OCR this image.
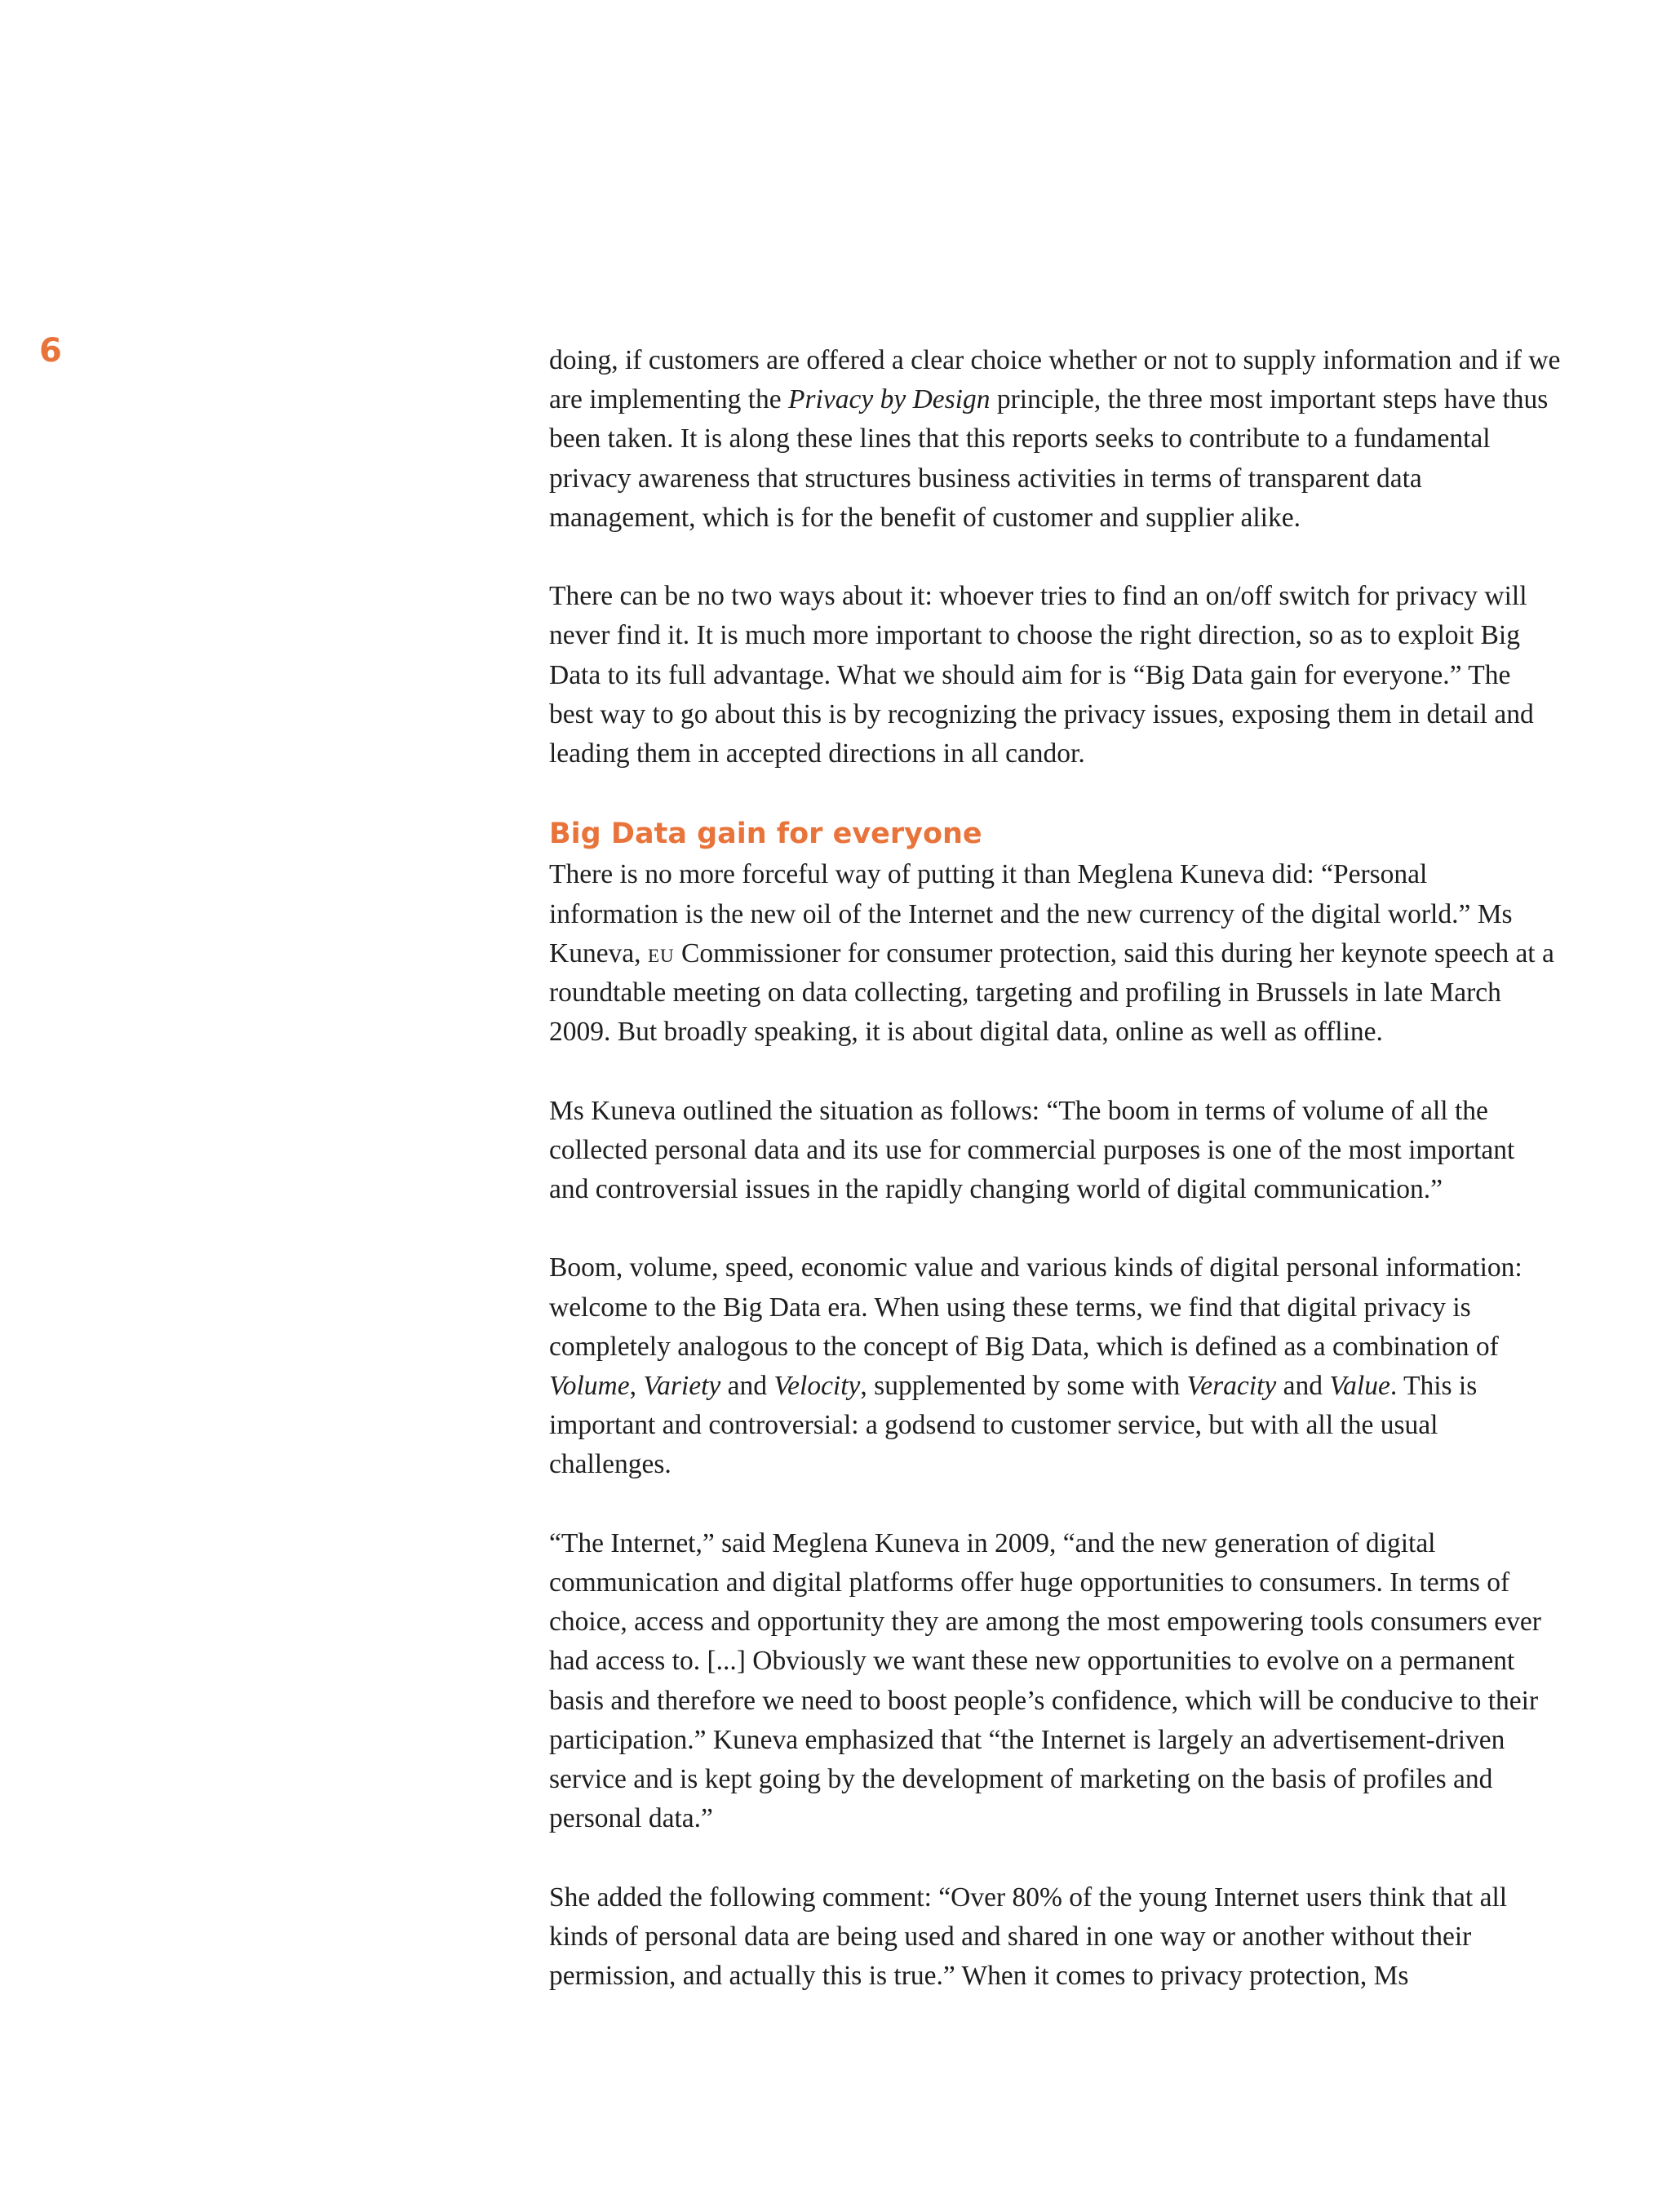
6	doing, if customers are offered a clear choice whether or not to supply information and if we are implementing the Privacy by Design principle, the three most important steps have thus been taken. It is along these lines that this reports seeks to contribute to a fundamental privacy awareness that structures business activities in terms of transparent data management, which is for the benefit of customer and supplier alike.

There can be no two ways about it: whoever tries to find an on/off switch for privacy will never find it. It is much more important to choose the right direction, so as to exploit Big Data to its full advantage. What we should aim for is “Big Data gain for everyone.” The best way to go about this is by recognizing the privacy issues, exposing them in detail and leading them in accepted directions in all candor.

Big Data gain for everyone

There is no more forceful way of putting it than Meglena Kuneva did: “Personal information is the new oil of the Internet and the new currency of the digital world.” Ms Kuneva, eu Commissioner for consumer protection, said this during her keynote speech at a roundtable meeting on data collecting, targeting and profiling in Brussels in late March 2009. But broadly speaking, it is about digital data, online as well as offline.

Ms Kuneva outlined the situation as follows: “The boom in terms of volume of all the collected personal data and its use for commercial purposes is one of the most important and controversial issues in the rapidly changing world of digital communication.”

Boom, volume, speed, economic value and various kinds of digital personal information: welcome to the Big Data era. When using these terms, we find that digital privacy is completely analogous to the concept of Big Data, which is defined as a combination of Volume, Variety and Velocity, supplemented by some with Veracity and Value. This is important and controversial: a godsend to customer service, but with all the usual challenges.

“The Internet,” said Meglena Kuneva in 2009, “and the new generation of digital communication and digital platforms offer huge opportunities to consumers. In terms of choice, access and opportunity they are among the most empowering tools consumers ever had access to. [...] Obviously we want these new opportunities to evolve on a permanent basis and therefore we need to boost people’s confidence, which will be conducive to their participation.” Kuneva emphasized that “the Internet is largely an advertisement-driven service and is kept going by the development of marketing on the basis of profiles and personal data.”

She added the following comment: “Over 80% of the young Internet users think that all kinds of personal data are being used and shared in one way or another without their permission, and actually this is true.” When it comes to privacy protection, Ms
